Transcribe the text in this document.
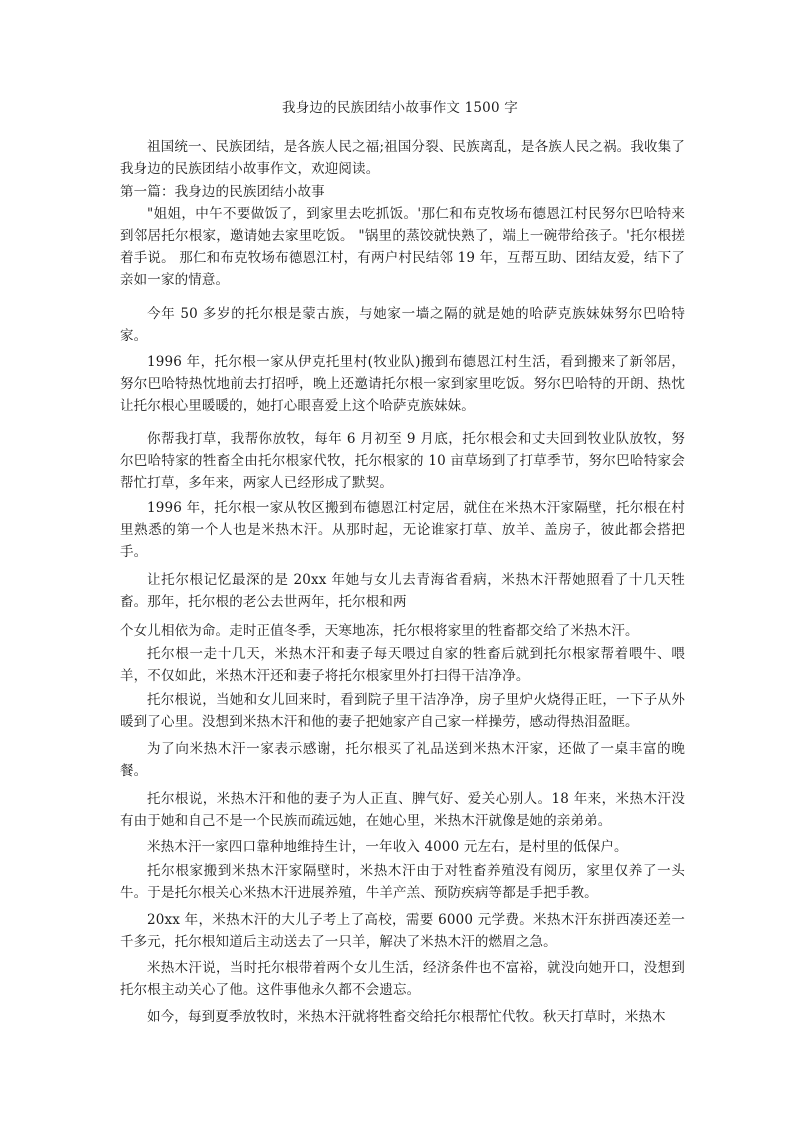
我身边的民族团结小故事作文 1500 字
祖国统一、民族团结，是各族人民之福;祖国分裂、民族离乱，是各族人民之祸。我收集了我身边的民族团结小故事作文，欢迎阅读。
第一篇：我身边的民族团结小故事
"姐姐，中午不要做饭了，到家里去吃抓饭。'那仁和布克牧场布德恩江村民努尔巴哈特来到邻居托尔根家，邀请她去家里吃饭。 "锅里的蒸饺就快熟了，端上一碗带给孩子。'托尔根搓着手说。 那仁和布克牧场布德恩江村，有两户村民结邻 19 年，互帮互助、团结友爱，结下了亲如一家的情意。
今年 50 多岁的托尔根是蒙古族，与她家一墙之隔的就是她的哈萨克族妹妹努尔巴哈特家。
1996 年，托尔根一家从伊克托里村(牧业队)搬到布德恩江村生活，看到搬来了新邻居，努尔巴哈特热忱地前去打招呼，晚上还邀请托尔根一家到家里吃饭。努尔巴哈特的开朗、热忱让托尔根心里暖暖的，她打心眼喜爱上这个哈萨克族妹妹。
你帮我打草，我帮你放牧，每年 6 月初至 9 月底，托尔根会和丈夫回到牧业队放牧，努尔巴哈特家的牲畜全由托尔根家代牧，托尔根家的 10 亩草场到了打草季节，努尔巴哈特家会帮忙打草，多年来，两家人已经形成了默契。
1996 年，托尔根一家从牧区搬到布德恩江村定居，就住在米热木汗家隔壁，托尔根在村里熟悉的第一个人也是米热木汗。从那时起，无论谁家打草、放羊、盖房子，彼此都会搭把手。
让托尔根记忆最深的是 20xx 年她与女儿去青海省看病，米热木汗帮她照看了十几天牲畜。那年，托尔根的老公去世两年，托尔根和两
个女儿相依为命。走时正值冬季，天寒地冻，托尔根将家里的牲畜都交给了米热木汗。
托尔根一走十几天，米热木汗和妻子每天喂过自家的牲畜后就到托尔根家帮着喂牛、喂羊，不仅如此，米热木汗还和妻子将托尔根家里外打扫得干洁净净。
托尔根说，当她和女儿回来时，看到院子里干洁净净，房子里炉火烧得正旺，一下子从外暖到了心里。没想到米热木汗和他的妻子把她家产自己家一样操劳，感动得热泪盈眶。
为了向米热木汗一家表示感谢，托尔根买了礼品送到米热木汗家，还做了一桌丰富的晚餐。
托尔根说，米热木汗和他的妻子为人正直、脾气好、爱关心别人。18 年来，米热木汗没有由于她和自己不是一个民族而疏远她，在她心里，米热木汗就像是她的亲弟弟。
米热木汗一家四口靠种地维持生计，一年收入 4000 元左右，是村里的低保户。
托尔根家搬到米热木汗家隔壁时，米热木汗由于对牲畜养殖没有阅历，家里仅养了一头牛。于是托尔根关心米热木汗进展养殖，牛羊产羔、预防疾病等都是手把手教。
20xx 年，米热木汗的大儿子考上了高校，需要 6000 元学费。米热木汗东拼西凑还差一千多元，托尔根知道后主动送去了一只羊，解决了米热木汗的燃眉之急。
米热木汗说，当时托尔根带着两个女儿生活，经济条件也不富裕，就没向她开口，没想到托尔根主动关心了他。这件事他永久都不会遗忘。
如今，每到夏季放牧时，米热木汗就将牲畜交给托尔根帮忙代牧。秋天打草时，米热木
